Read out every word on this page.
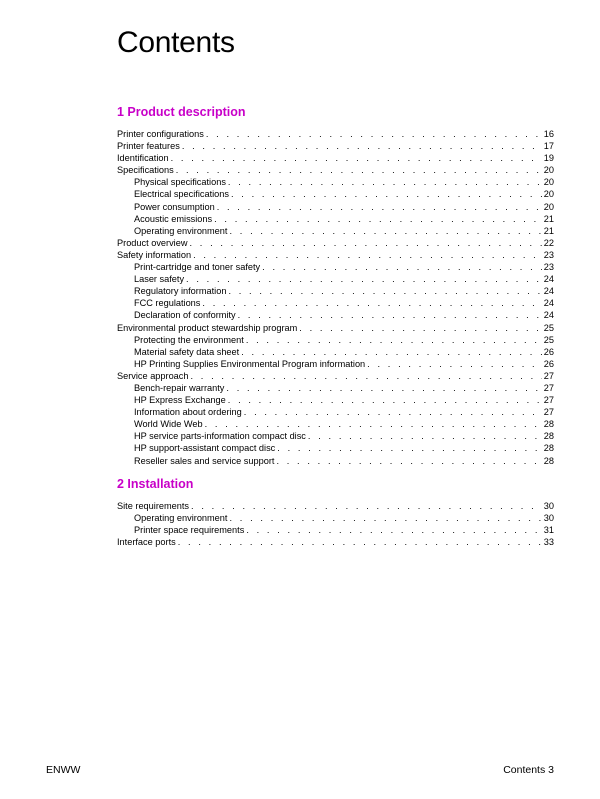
Contents
1 Product description
Printer configurations . . .	16
Printer features . . .	17
Identification . . .	19
Specifications . . .	20
Physical specifications . . .	20
Electrical specifications . . .	20
Power consumption . . .	20
Acoustic emissions . . .	21
Operating environment . . .	21
Product overview . . .	22
Safety information . . .	23
Print-cartridge and toner safety . . .	23
Laser safety . . .	24
Regulatory information . . .	24
FCC regulations . . .	24
Declaration of conformity . . .	24
Environmental product stewardship program . . .	25
Protecting the environment . . .	25
Material safety data sheet . . .	26
HP Printing Supplies Environmental Program information . . .	26
Service approach . . .	27
Bench-repair warranty . . .	27
HP Express Exchange . . .	27
Information about ordering . . .	27
World Wide Web . . .	28
HP service parts-information compact disc . . .	28
HP support-assistant compact disc . . .	28
Reseller sales and service support . . .	28
2 Installation
Site requirements . . .	30
Operating environment . . .	30
Printer space requirements . . .	31
Interface ports . . .	33
ENWW	Contents 3
